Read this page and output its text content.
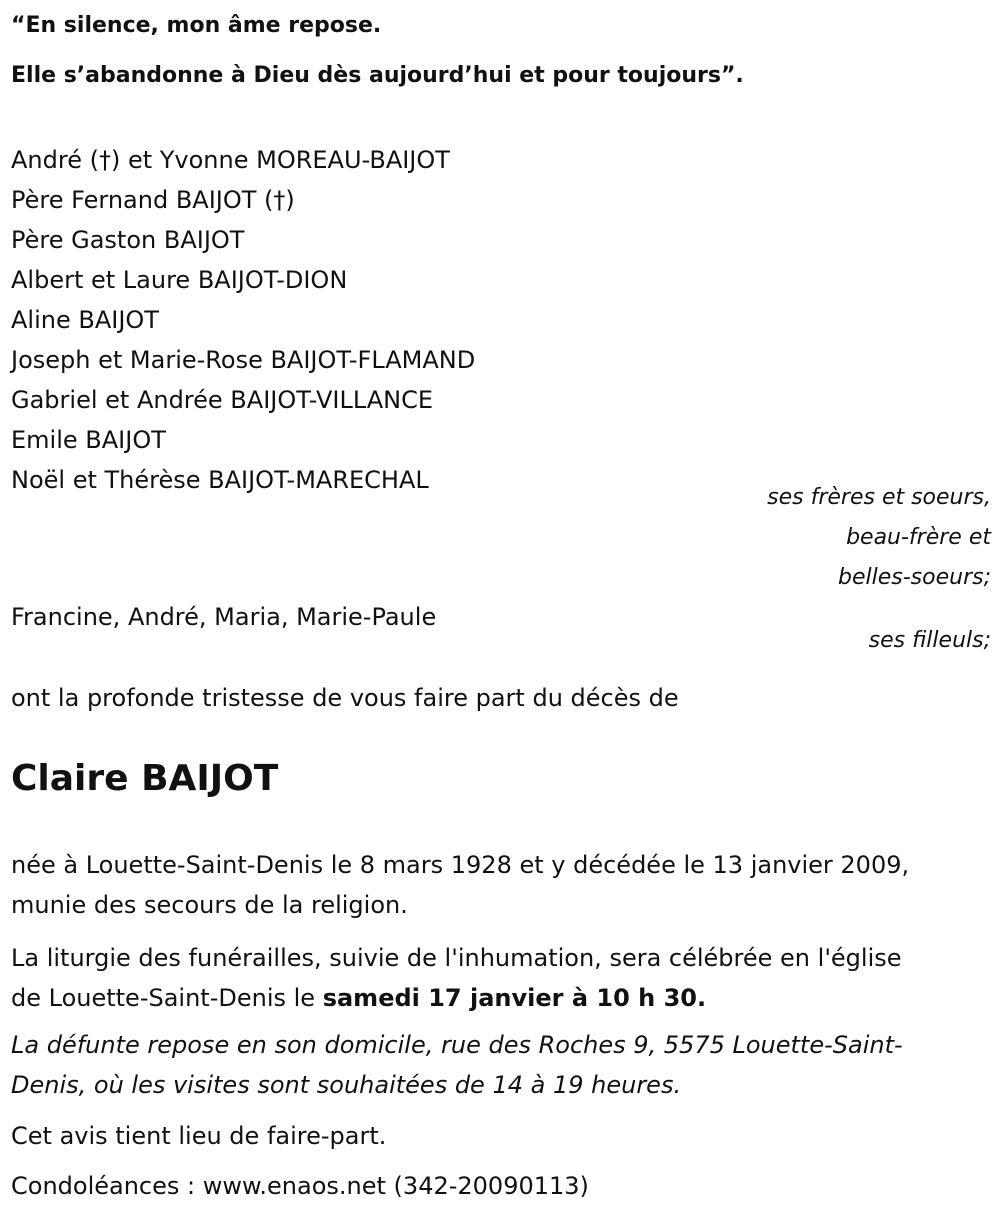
“En silence, mon âme repose.

Elle s’abandonne à Dieu dès aujourd’hui et pour toujours”.

André (†) et Yvonne MOREAU-BAIJOT
Père Fernand BAIJOT (†)
Père Gaston BAIJOT
Albert et Laure BAIJOT-DION
Aline BAIJOT
Joseph et Marie-Rose BAIJOT-FLAMAND
Gabriel et Andrée BAIJOT-VILLANCE
Emile BAIJOT
Noël et Thérèse BAIJOT-MARECHAL
ses frères et soeurs,
beau-frère et
belles-soeurs;
Francine, André, Maria, Marie-Paule
ses filleuls;
ont la profonde tristesse de vous faire part du décès de
Claire BAIJOT

née à Louette-Saint-Denis le 8 mars 1928 et y décédée le 13 janvier 2009,
munie des secours de la religion.

La liturgie des funérailles, suivie de l'inhumation, sera célébrée en l'église
de Louette-Saint-Denis le samedi 17 janvier à 10 h 30.

La défunte repose en son domicile, rue des Roches 9, 5575 Louette-Saint-
Denis, où les visites sont souhaitées de 14 à 19 heures.

Cet avis tient lieu de faire-part.

Condoléances : www.enaos.net (342-20090113)
